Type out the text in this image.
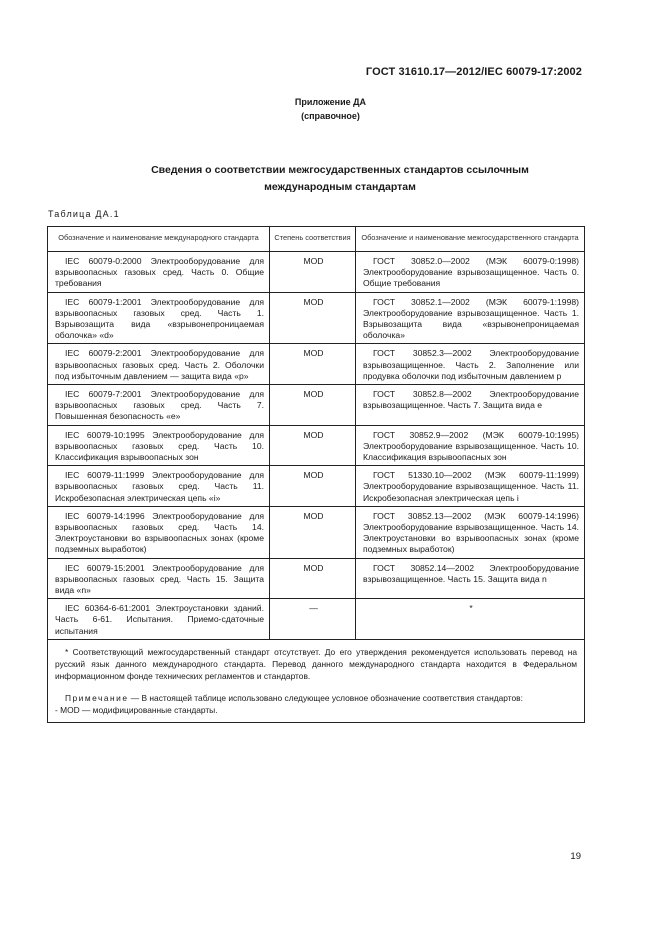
ГОСТ 31610.17—2012/IEC 60079-17:2002
Приложение ДА
(справочное)
Сведения о соответствии межгосударственных стандартов ссылочным
международным стандартам
Таблица ДА.1
Обозначение и наименование международного стандарта	Степень соответствия	Обозначение и наименование межгосударственного стандарта
IEC 60079-0:2000 Электрооборудование для взрывоопасных газовых сред. Часть 0. Общие требования	MOD	ГОСТ 30852.0—2002 (МЭК 60079-0:1998) Электрооборудование взрывозащищенное. Часть 0. Общие требования
IEC 60079-1:2001 Электрооборудование для взрывоопасных газовых сред. Часть 1. Взрывозащита вида «взрывонепроницаемая оболочка» «d»	MOD	ГОСТ 30852.1—2002 (МЭК 60079-1:1998) Электрооборудование взрывозащищенное. Часть 1. Взрывозащита вида «взрывонепроницаемая оболочка»
IEC 60079-2:2001 Электрооборудование для взрывоопасных газовых сред. Часть 2. Оболочки под избыточным давлением — защита вида «р»	MOD	ГОСТ 30852.3—2002 Электрооборудование взрывозащищенное. Часть 2. Заполнение или продувка оболочки под избыточным давлением p
IEC 60079-7:2001 Электрооборудование для взрывоопасных газовых сред. Часть 7. Повышенная безопасность «е»	MOD	ГОСТ 30852.8—2002 Электрооборудование взрывозащищенное. Часть 7. Защита вида e
IEC 60079-10:1995 Электрооборудование для взрывоопасных газовых сред. Часть 10. Классификация взрывоопасных зон	MOD	ГОСТ 30852.9—2002 (МЭК 60079-10:1995) Электрооборудование взрывозащищенное. Часть 10. Классификация взрывоопасных зон
IEC 60079-11:1999 Электрооборудование для взрывоопасных газовых сред. Часть 11. Искробезопасная электрическая цепь «i»	MOD	ГОСТ 51330.10—2002 (МЭК 60079-11:1999) Электрооборудование взрывозащищенное. Часть 11. Искробезопасная электрическая цепь i
IEC 60079-14:1996 Электрооборудование для взрывоопасных газовых сред. Часть 14. Электроустановки во взрывоопасных зонах (кроме подземных выработок)	MOD	ГОСТ 30852.13—2002 (МЭК 60079-14:1996) Электрооборудование взрывозащищенное. Часть 14. Электроустановки во взрывоопасных зонах (кроме подземных выработок)
IEC 60079-15:2001 Электрооборудование для взрывоопасных газовых сред. Часть 15. Защита вида «n»	MOD	ГОСТ 30852.14—2002 Электрооборудование взрывозащищенное. Часть 15. Защита вида n
IEC 60364-6-61:2001 Электроустановки зданий. Часть 6-61. Испытания. Приемо-сдаточные испытания	—	*

* Соответствующий межгосударственный стандарт отсутствует. До его утверждения рекомендуется использовать перевод на русский язык данного международного стандарта. Перевод данного международного стандарта находится в Федеральном информационном фонде технических регламентов и стандартов.

Примечание — В настоящей таблице использовано следующее условное обозначение соответствия стандартов:

- MOD — модифицированные стандарты.		
19
